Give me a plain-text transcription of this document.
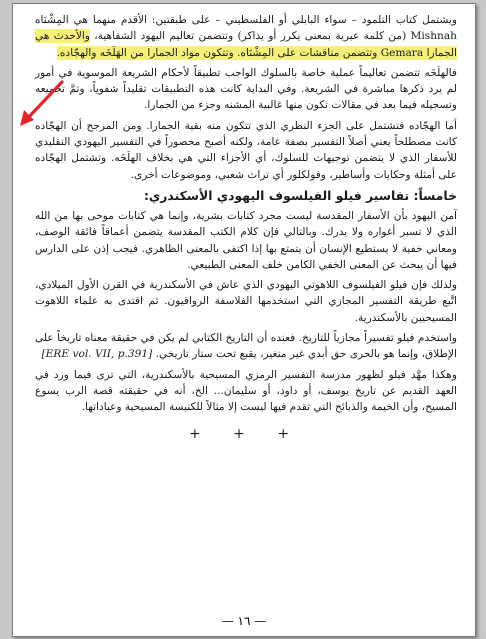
ويشتمل كتاب التلمود – سواء البابلي أو الفلسطيني – على طبقتين: الأقدم منهما هي المِشْنَاه Mishnah (من كلمة عبرية بمعنى يكرر أو يذاكر) وتتضمن تعاليم اليهود الشفاهية، والأحدث هي الجمارا Gemara وتتضمن مناقشات على المِشْنَاه. وتتكون مواد الجمارا من الهَلَخَه والهجّاده.

فالهلَخَه تتضمن تعاليماً عملية خاصة بالسلوك الواجب تطبيقاً لأحكام الشريعة الموسوية في أمور لم يرد ذكرها مباشرة في الشريعة. وفي البداية كانت هذه التطبيقات تقليداً شفوياً، وتمَّ تجميعه وتسجيله فيما بعد في مقالات تكون منها غالبية المشنه وجزء من الجمارا.

أما الهجّاده فتشتمل على الجزء النظري الذي تتكون منه بقية الجمارا. ومن المرجح أن الهجّاده كانت مصطلحاً يعني أصلاً التفسير بصفة عامة، ولكنه أصبح محصوراً في التفسير اليهودي التقليدي للأسفار الذي لا يتضمن توجيهات للسلوك، أي الأجزاء التي هي بخلاف الهلَخَه. وتشتمل الهجّاده على أمثلة وحكايات وأساطير، وفولكلور أي تراث شعبي، وموضوعات أخرى.

خامساً: تفاسير فيلو الفيلسوف اليهودي الأسكندري:

آمن اليهود بأن الأسفار المقدسة ليست مجرد كتابات بشرية، وإنما هي كتابات موحى بها من الله الذي لا تسبر أغواره ولا يدرك. وبالتالي فإن كلام الكتب المقدسة يتضمن أعماقاً فائقة الوصف، ومعاني خفية لا يستطيع الإنسان أن يتمتع بها إذا اكتفى بالمعنى الظاهري. فيجب إذن على الدارس فيها أن يبحث عن المعنى الخفي الكامن خلف المعنى الطبيعي.

ولذلك فإن فيلو الفيلسوف اللاهوتي اليهودي الذي عاش في الأسكندرية في القرن الأول الميلادي، اتَّبع طريقة التفسير المجازي التي استخدمها الفلاسفة الرواقيون. ثم اقتدى به علماء اللاهوت المسيحيين بالأسكندرية.

واستخدم فيلو تفسيراً مجازياً للتاريخ. فعنده أن التاريخ الكتابي لم يكن في حقيقة معناه تاريخاً على الإطلاق، وإنما هو بالحرى حق أبدي غير متغير، يقبع تحت ستار تاريخي. [ERE vol. VII, p.391]

وهكذا مهَّد فيلو لظهور مدرسة التفسير الرمزي المسيحية بالأسكندرية، التي ترى فيما ورد في العهد القديم عن تاريخ يوسف، أو داود، أو سليمان... الخ، أنه في حقيقته قصة الرب يسوع المسيح، وأن الخيمة والذبائح التي تقدم فيها ليست إلا مثالاً للكنيسة المسيحية وعباداتها.

+ + +
— ١٦ —
